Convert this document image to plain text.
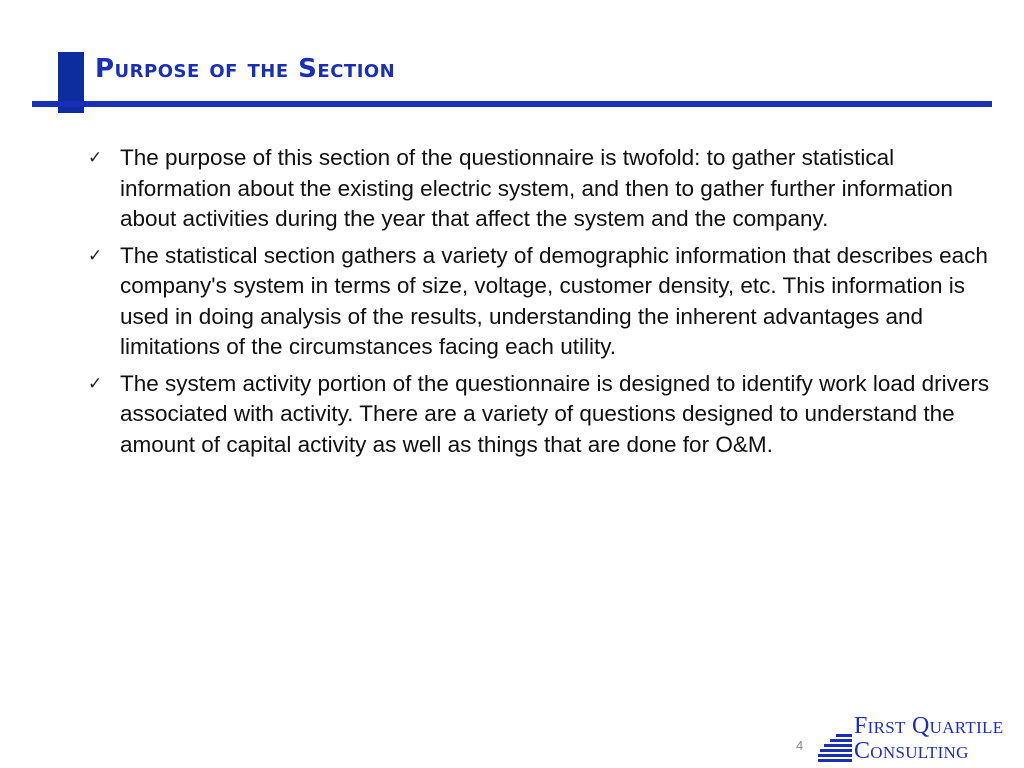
Purpose of the Section
✓ The purpose of this section of the questionnaire is twofold: to gather statistical information about the existing electric system, and then to gather further information about activities during the year that affect the system and the company.
✓ The statistical section gathers a variety of demographic information that describes each company's system in terms of size, voltage, customer density, etc. This information is used in doing analysis of the results, understanding the inherent advantages and limitations of the circumstances facing each utility.
✓ The system activity portion of the questionnaire is designed to identify work load drivers associated with activity. There are a variety of questions designed to understand the amount of capital activity as well as things that are done for O&M.
4
First Quartile
Consulting
